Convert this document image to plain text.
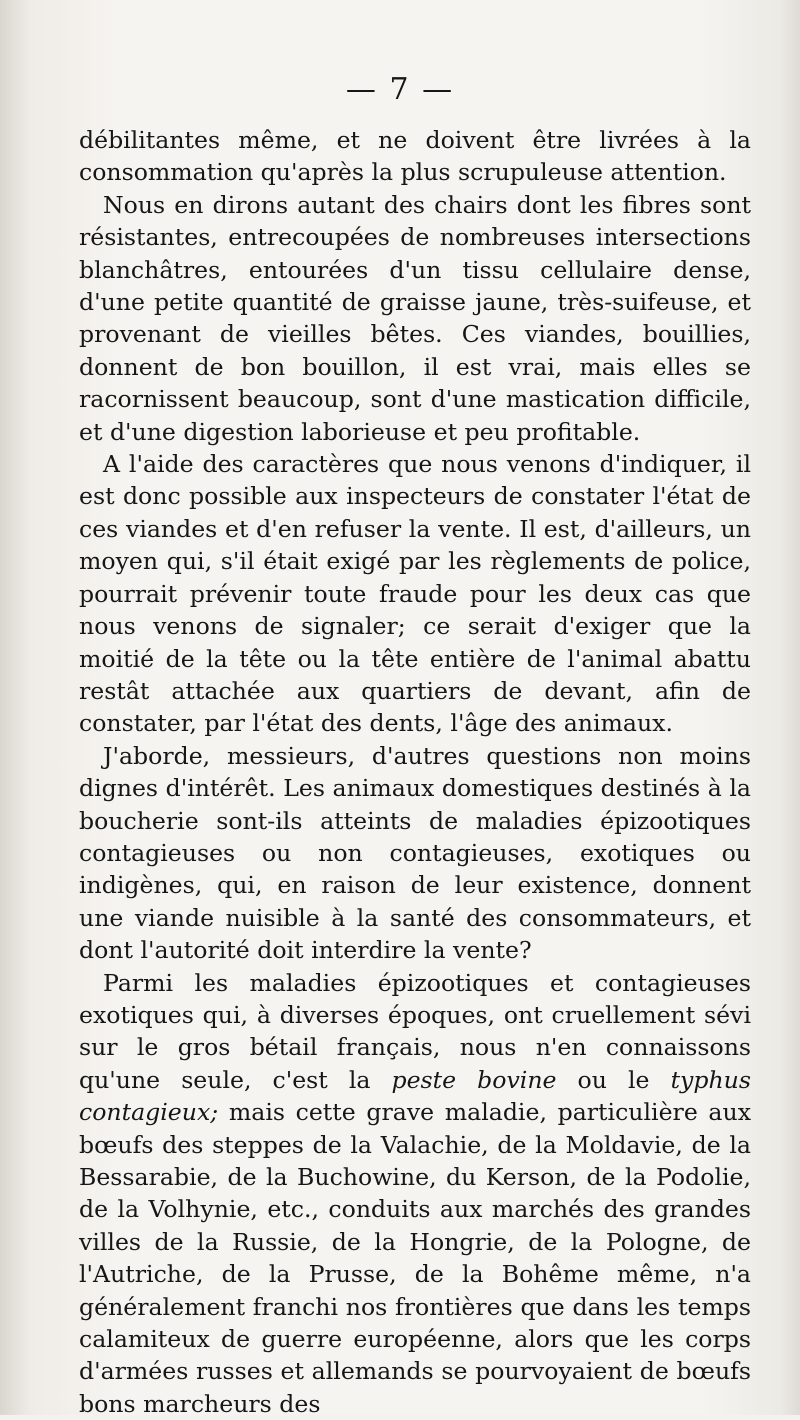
— 7 —

débilitantes même, et ne doivent être livrées à la consommation qu'après la plus scrupuleuse attention.

Nous en dirons autant des chairs dont les fibres sont résistantes, entrecoupées de nombreuses intersections blanchâtres, entourées d'un tissu cellulaire dense, d'une petite quantité de graisse jaune, très-suifeuse, et provenant de vieilles bêtes. Ces viandes, bouillies, donnent de bon bouillon, il est vrai, mais elles se racornissent beaucoup, sont d'une mastication difficile, et d'une digestion laborieuse et peu profitable.

A l'aide des caractères que nous venons d'indiquer, il est donc possible aux inspecteurs de constater l'état de ces viandes et d'en refuser la vente. Il est, d'ailleurs, un moyen qui, s'il était exigé par les règlements de police, pourrait prévenir toute fraude pour les deux cas que nous venons de signaler; ce serait d'exiger que la moitié de la tête ou la tête entière de l'animal abattu restât attachée aux quartiers de devant, afin de constater, par l'état des dents, l'âge des animaux.

J'aborde, messieurs, d'autres questions non moins dignes d'intérêt. Les animaux domestiques destinés à la boucherie sont-ils atteints de maladies épizootiques contagieuses ou non contagieuses, exotiques ou indigènes, qui, en raison de leur existence, donnent une viande nuisible à la santé des consommateurs, et dont l'autorité doit interdire la vente?

Parmi les maladies épizootiques et contagieuses exotiques qui, à diverses époques, ont cruellement sévi sur le gros bétail français, nous n'en connaissons qu'une seule, c'est la peste bovine ou le typhus contagieux; mais cette grave maladie, particulière aux bœufs des steppes de la Valachie, de la Moldavie, de la Bessarabie, de la Buchowine, du Kerson, de la Podolie, de la Volhynie, etc., conduits aux marchés des grandes villes de la Russie, de la Hongrie, de la Pologne, de l'Autriche, de la Prusse, de la Bohême même, n'a généralement franchi nos frontières que dans les temps calamiteux de guerre européenne, alors que les corps d'armées russes et allemands se pourvoyaient de bœufs bons marcheurs des
